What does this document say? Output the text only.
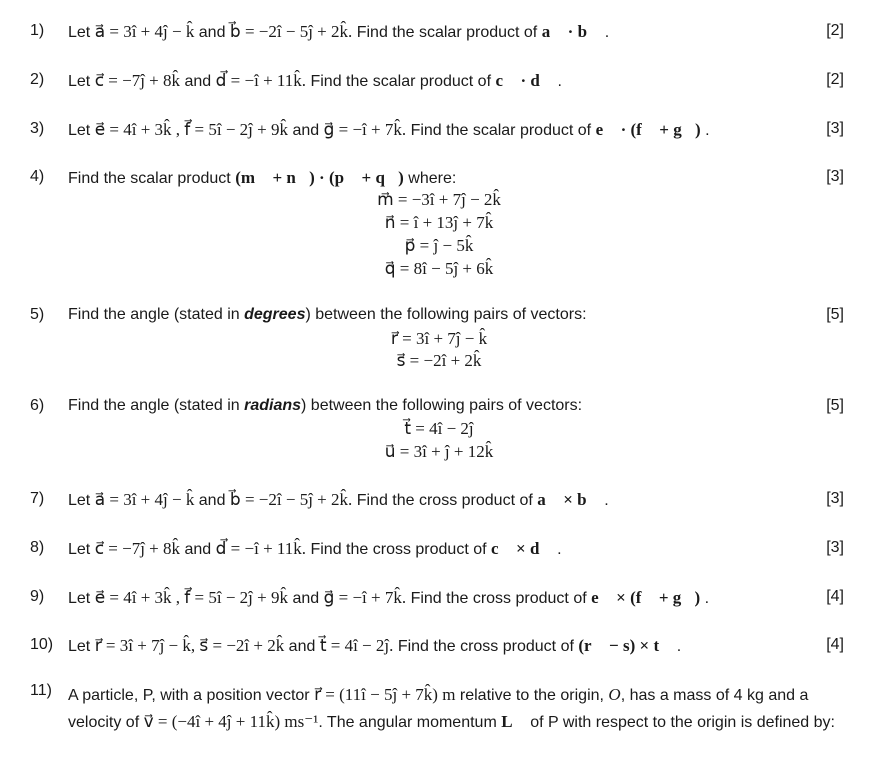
1) Let a⃗ = 3î + 4ĵ − k̂ and b⃗ = −2î − 5ĵ + 2k̂. Find the scalar product of a⃗ · b⃗ .	[2]
2) Let c⃗ = −7ĵ + 8k̂ and d⃗ = −î + 11k̂. Find the scalar product of c⃗ · d⃗ .	[2]
3) Let e⃗ = 4î + 3k̂ , f⃗ = 5î − 2ĵ + 9k̂ and g⃗ = −î + 7k̂. Find the scalar product of e⃗ · (f⃗ + g⃗) .	[3]
4) Find the scalar product (m⃗ + n⃗) · (p⃗ + q⃗) where:	[3]
m⃗ = −3î + 7ĵ − 2k̂
n⃗ = î + 13ĵ + 7k̂
p⃗ = ĵ − 5k̂
q⃗ = 8î − 5ĵ + 6k̂
5) Find the angle (stated in degrees) between the following pairs of vectors:	[5]
r⃗ = 3î + 7ĵ − k̂
s⃗ = −2î + 2k̂
6) Find the angle (stated in radians) between the following pairs of vectors:	[5]
t⃗ = 4î − 2ĵ
u⃗ = 3î + ĵ + 12k̂
7) Let a⃗ = 3î + 4ĵ − k̂ and b⃗ = −2î − 5ĵ + 2k̂. Find the cross product of a⃗ × b⃗ .	[3]
8) Let c⃗ = −7ĵ + 8k̂ and d⃗ = −î + 11k̂. Find the cross product of c⃗ × d⃗ .	[3]
9) Let e⃗ = 4î + 3k̂ , f⃗ = 5î − 2ĵ + 9k̂ and g⃗ = −î + 7k̂. Find the cross product of e⃗ × (f⃗ + g⃗) .	[4]
10) Let r⃗ = 3î + 7ĵ − k̂, s⃗ = −2î + 2k̂ and t⃗ = 4î − 2ĵ. Find the cross product of (r⃗ − s) × t⃗ .	[4]
11) A particle, P, with a position vector r⃗ = (11î − 5ĵ + 7k̂) m relative to the origin, O, has a mass of 4 kg and a velocity of v⃗ = (−4î + 4ĵ + 11k̂) ms⁻¹. The angular momentum L⃗ of P with respect to the origin is defined by:
